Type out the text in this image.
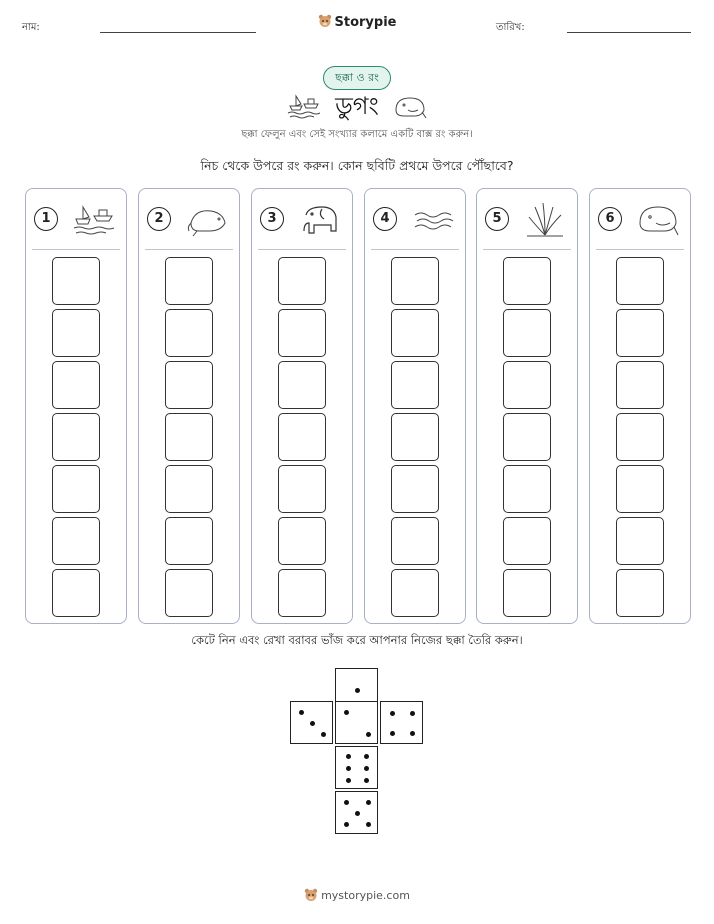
নাম:	Storypie	তারিখ:
ছক্কা ও রং
ডুগং
ছক্কা ফেলুন এবং সেই সংখ্যার কলামে একটি বাক্স রং করুন।
নিচ থেকে উপরে রং করুন। কোন ছবিটি প্রথমে উপরে পৌঁছাবে?
1	2	3	4	5	6
কেটে নিন এবং রেখা বরাবর ভাঁজ করে আপনার নিজের ছক্কা তৈরি করুন।
mystorypie.com
